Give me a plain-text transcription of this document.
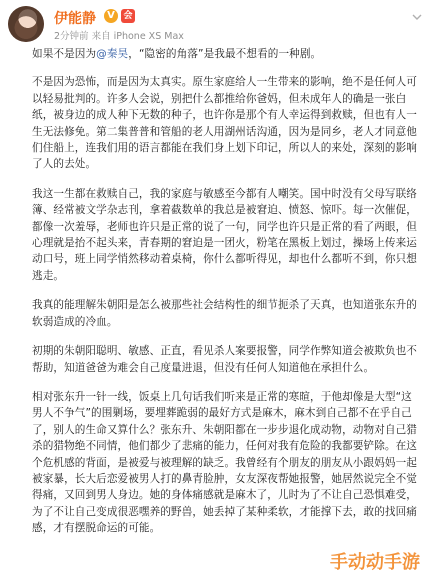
伊能静	V 会
2分钟前 来自 iPhone XS Max

如果不是因为@秦昊，“隐密的角落”是我最不想看的一种剧。

不是因为恐怖，而是因为太真实。原生家庭给人一生带来的影响，绝不是任何人可以轻易批判的。许多人会说，别把什么都推给你爸妈，但未成年人的确是一张白纸，被身边的成人种下无数的种子，也许你是那个有人幸运得到救赎，但也有人一生无法修免。第二集普普和管船的老人用湖州话沟通，因为是同乡，老人才同意他们住船上，连我们用的语言都能在我们身上划下印记，所以人的来处，深刻的影响了人的去处。

我这一生都在救赎自己，我的家庭与敏感至今都有人嘲笑。国中时没有父母写联络簿、经常被文学杂志刊，拿着截数单的我总是被窘迫、愤怒、惊吓。每一次催促，都像一次羞辱，老师也许只是正常的说了一句，同学也许只是正常的看了两眼，但心理就是抬不起头来，青春期的窘迫是一团火，粉笔在黑板上划过，操场上传来运动口号，班上同学悄然移动着桌椅，你什么都听得见，却也什么都听不到，你只想逃走。

我真的能理解朱朝阳是怎么被那些社会结构性的细节扼杀了天真，也知道张东升的软弱造成的冷血。

初期的朱朝阳聪明、敏感、正直，看见杀人案要报警，同学作弊知道会被欺负也不帮助，知道爸爸为难会自己度量进退，但没有任何人知道他在承担什么。

相对张东升一针一线，饭桌上几句话我们听来是正常的寒暄，于他却像是大型“这男人不争气”的围剿场，要埋葬跪弱的最好方式是麻木，麻木到自己都不在乎自己了，别人的生命又算什么？张东升、朱朝阳都在一步步退化成动物，动物对自己猎杀的猎物绝不同情，他们都少了悲痛的能力，任何对我有危险的我都要铲除。在这个危机感的背面，是被爱与被理解的缺乏。我曾经有个朋友的朋友从小跟妈妈一起被家暴，长大后恋爱被男人打的鼻青脸肿，女友深夜帮她报警，她居然说完全不觉得痛，又回到男人身边。她的身体痛感就是麻木了，儿时为了不让自己恐惧难受，为了不让自己变成很恶嘿养的野兽，她丢掉了某种柔软，才能撑下去，敢的找回痛感，才有摆脱命运的可能。

手动动手游
